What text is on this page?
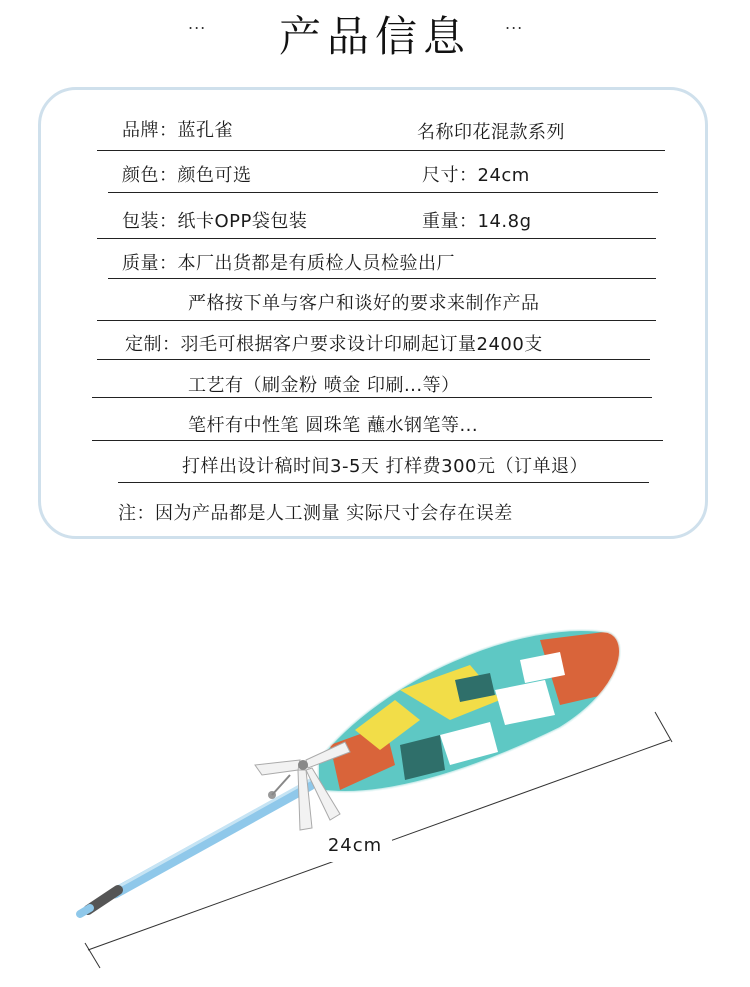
...	产品信息	...
品牌：蓝孔雀	名称印花混款系列
颜色：颜色可选	尺寸：24cm
包装：纸卡OPP袋包装	重量：14.8g
质量：本厂出货都是有质检人员检验出厂
严格按下单与客户和谈好的要求来制作产品
定制：羽毛可根据客户要求设计印刷起订量2400支
工艺有（刷金粉 喷金 印刷...等）
笔杆有中性笔 圆珠笔 蘸水钢笔等...
打样出设计稿时间3-5天 打样费300元（订单退）
注：因为产品都是人工测量 实际尺寸会存在误差
24cm
